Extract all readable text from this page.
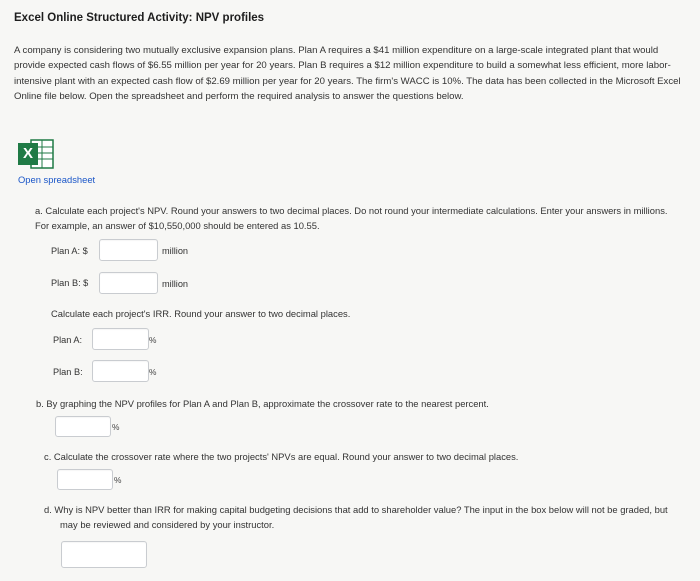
Excel Online Structured Activity: NPV profiles
A company is considering two mutually exclusive expansion plans. Plan A requires a $41 million expenditure on a large-scale integrated plant that would provide expected cash flows of $6.55 million per year for 20 years. Plan B requires a $12 million expenditure to build a somewhat less efficient, more labor-intensive plant with an expected cash flow of $2.69 million per year for 20 years. The firm's WACC is 10%. The data has been collected in the Microsoft Excel Online file below. Open the spreadsheet and perform the required analysis to answer the questions below.
X
Open spreadsheet
a. Calculate each project's NPV. Round your answers to two decimal places. Do not round your intermediate calculations. Enter your answers in millions. For example, an answer of $10,550,000 should be entered as 10.55.
Plan A: $	million
Plan B: $	million
Calculate each project's IRR. Round your answer to two decimal places.
Plan A:	%
Plan B:	%
b. By graphing the NPV profiles for Plan A and Plan B, approximate the crossover rate to the nearest percent.
%
c. Calculate the crossover rate where the two projects' NPVs are equal. Round your answer to two decimal places.
%
d. Why is NPV better than IRR for making capital budgeting decisions that add to shareholder value? The input in the box below will not be graded, but may be reviewed and considered by your instructor.
